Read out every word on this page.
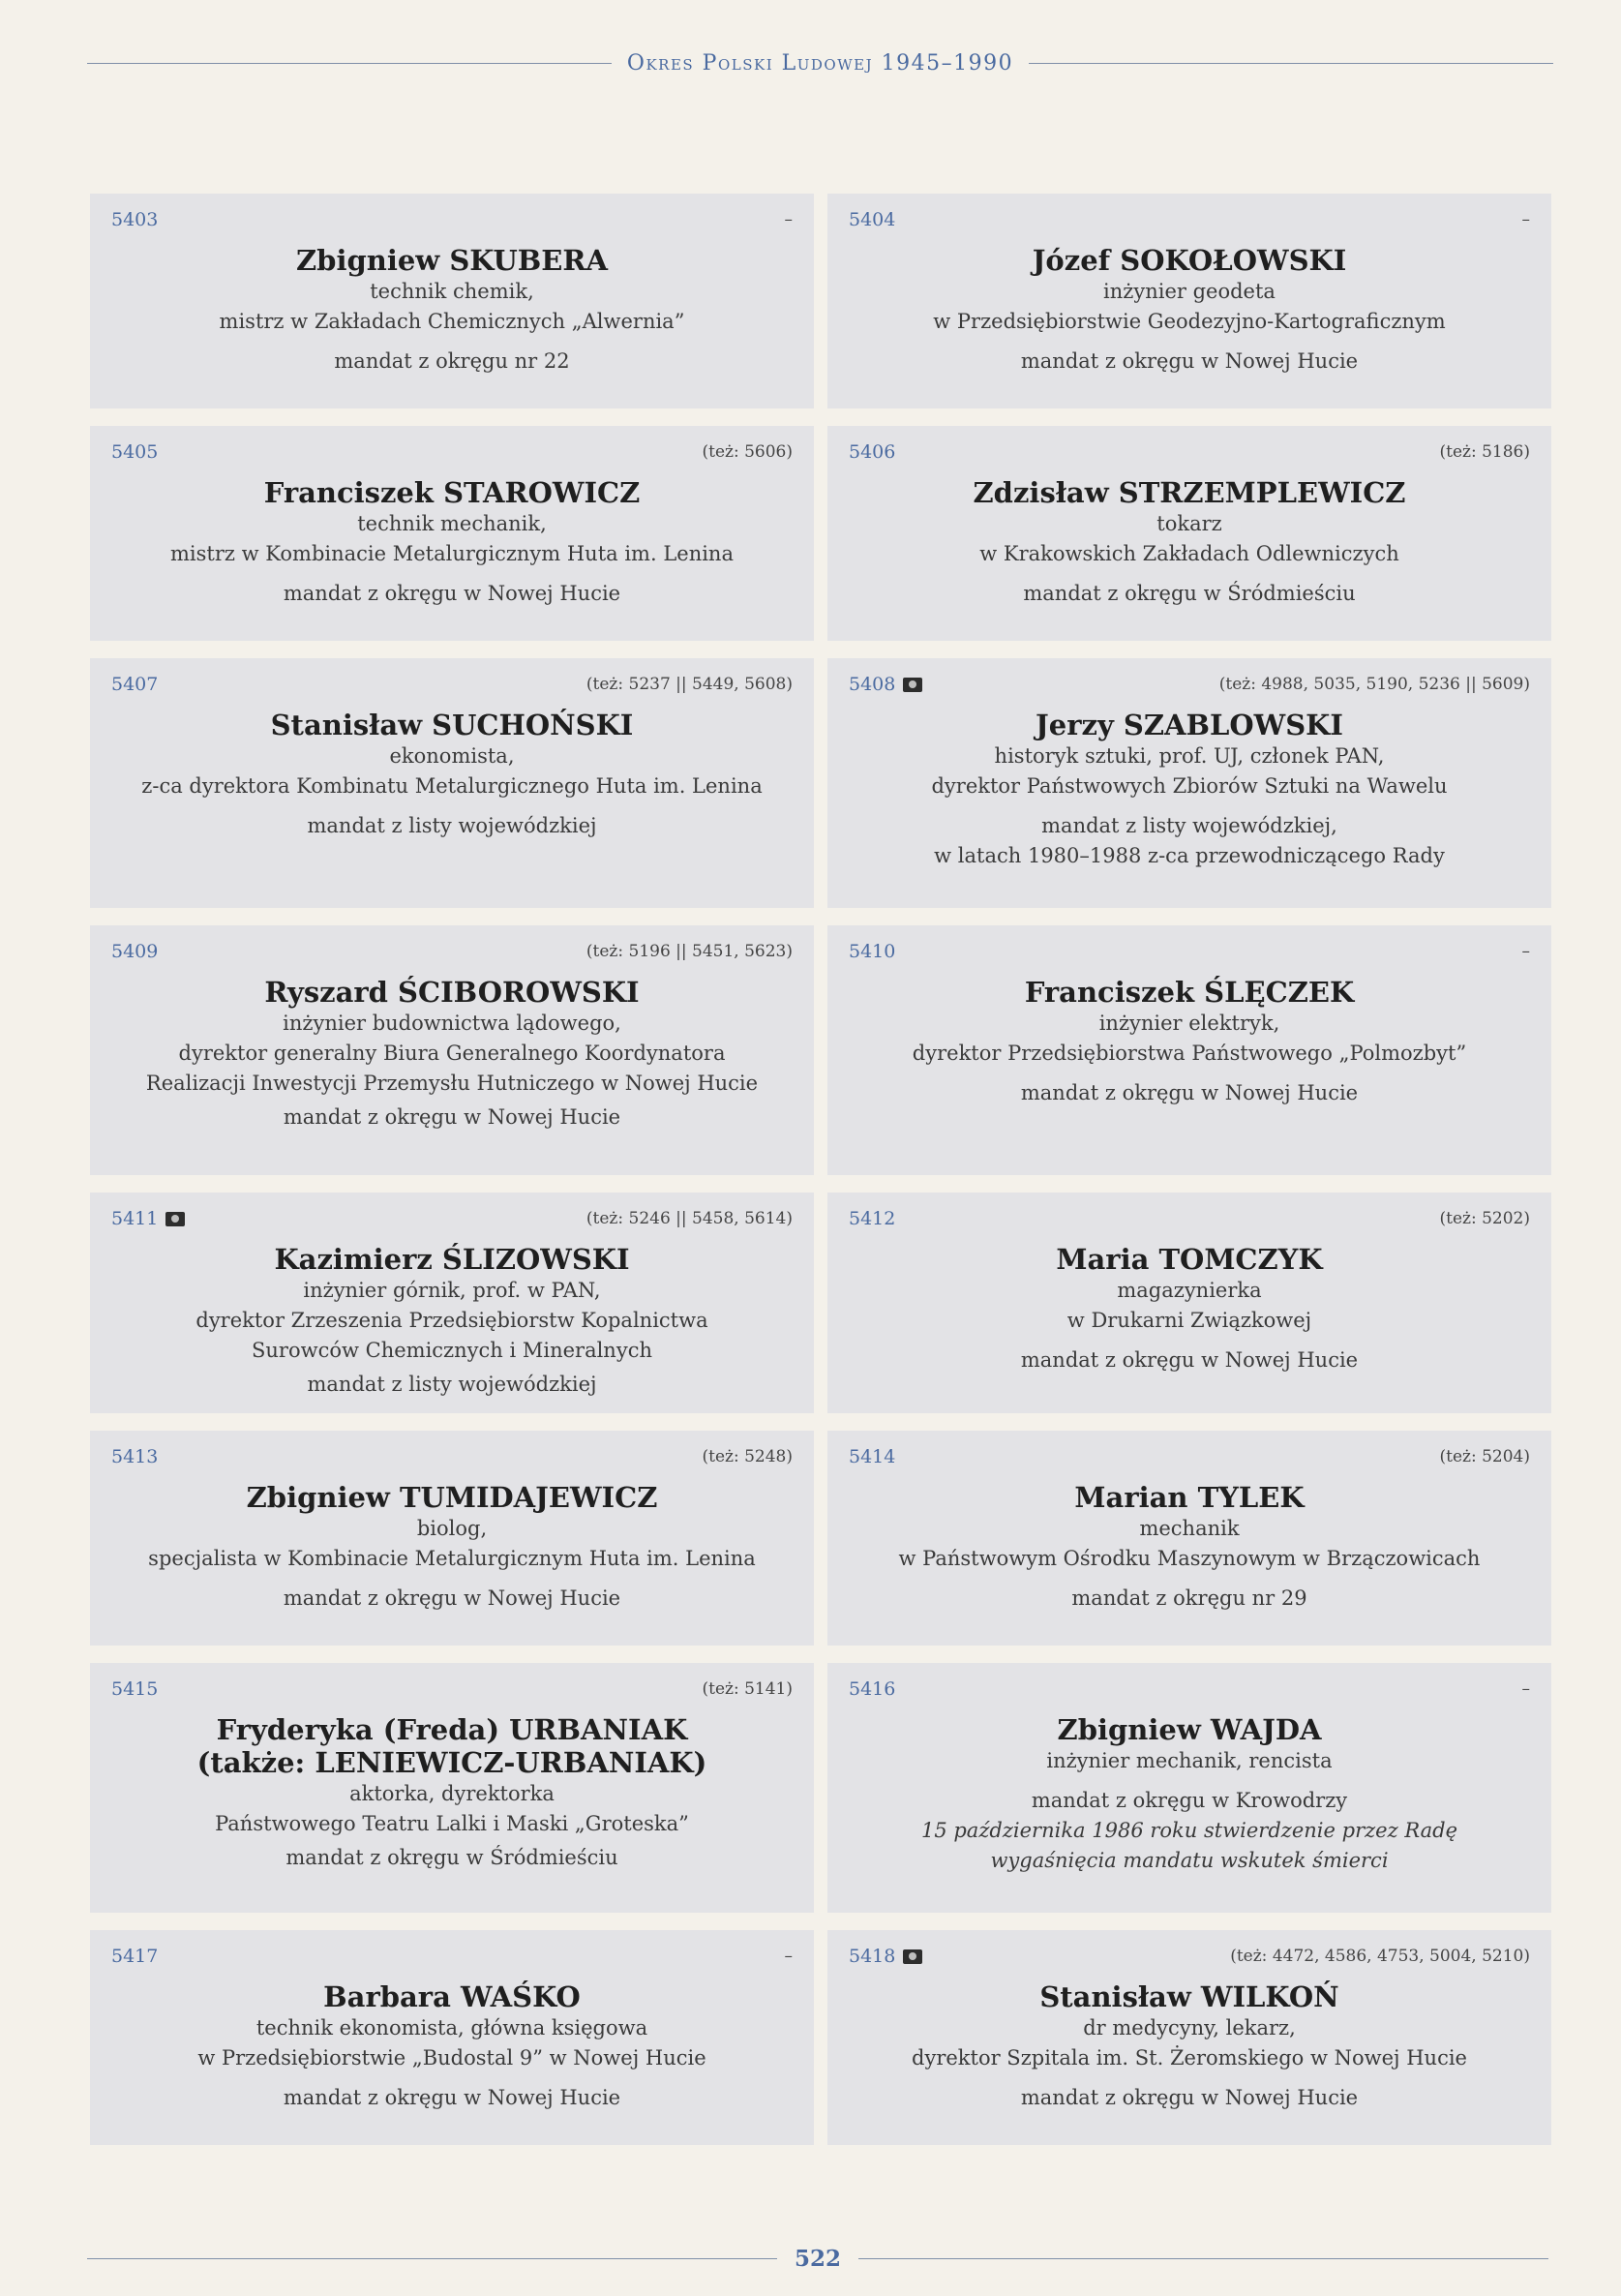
Okres Polski Ludowej 1945–1990
5403	–
Zbigniew SKUBERA
technik chemik,
mistrz w Zakładach Chemicznych „Alwernia”
mandat z okręgu nr 22
5404	–
Józef SOKOŁOWSKI
inżynier geodeta
w Przedsiębiorstwie Geodezyjno-Kartograficznym
mandat z okręgu w Nowej Hucie
5405	(też: 5606)
Franciszek STAROWICZ
technik mechanik,
mistrz w Kombinacie Metalurgicznym Huta im. Lenina
mandat z okręgu w Nowej Hucie
5406	(też: 5186)
Zdzisław STRZEMPLEWICZ
tokarz
w Krakowskich Zakładach Odlewniczych
mandat z okręgu w Śródmieściu
5407	(też: 5237 || 5449, 5608)
Stanisław SUCHOŃSKI
ekonomista,
z-ca dyrektora Kombinatu Metalurgicznego Huta im. Lenina
mandat z listy wojewódzkiej
5408	(też: 4988, 5035, 5190, 5236 || 5609)
Jerzy SZABLOWSKI
historyk sztuki, prof. UJ, członek PAN,
dyrektor Państwowych Zbiorów Sztuki na Wawelu
mandat z listy wojewódzkiej,
w latach 1980–1988 z-ca przewodniczącego Rady
5409	(też: 5196 || 5451, 5623)
Ryszard ŚCIBOROWSKI
inżynier budownictwa lądowego,
dyrektor generalny Biura Generalnego Koordynatora
Realizacji Inwestycji Przemysłu Hutniczego w Nowej Hucie
mandat z okręgu w Nowej Hucie
5410	–
Franciszek ŚLĘCZEK
inżynier elektryk,
dyrektor Przedsiębiorstwa Państwowego „Polmozbyt”
mandat z okręgu w Nowej Hucie
5411	(też: 5246 || 5458, 5614)
Kazimierz ŚLIZOWSKI
inżynier górnik, prof. w PAN,
dyrektor Zrzeszenia Przedsiębiorstw Kopalnictwa
Surowców Chemicznych i Mineralnych
mandat z listy wojewódzkiej
5412	(też: 5202)
Maria TOMCZYK
magazynierka
w Drukarni Związkowej
mandat z okręgu w Nowej Hucie
5413	(też: 5248)
Zbigniew TUMIDAJEWICZ
biolog,
specjalista w Kombinacie Metalurgicznym Huta im. Lenina
mandat z okręgu w Nowej Hucie
5414	(też: 5204)
Marian TYLEK
mechanik
w Państwowym Ośrodku Maszynowym w Brzączowicach
mandat z okręgu nr 29
5415	(też: 5141)
Fryderyka (Freda) URBANIAK
(także: LENIEWICZ-URBANIAK)
aktorka, dyrektorka
Państwowego Teatru Lalki i Maski „Groteska”
mandat z okręgu w Śródmieściu
5416	–
Zbigniew WAJDA
inżynier mechanik, rencista
mandat z okręgu w Krowodrzy
15 października 1986 roku stwierdzenie przez Radę
wygaśnięcia mandatu wskutek śmierci
5417	–
Barbara WAŚKO
technik ekonomista, główna księgowa
w Przedsiębiorstwie „Budostal 9” w Nowej Hucie
mandat z okręgu w Nowej Hucie
5418	(też: 4472, 4586, 4753, 5004, 5210)
Stanisław WILKOŃ
dr medycyny, lekarz,
dyrektor Szpitala im. St. Żeromskiego w Nowej Hucie
mandat z okręgu w Nowej Hucie
522
